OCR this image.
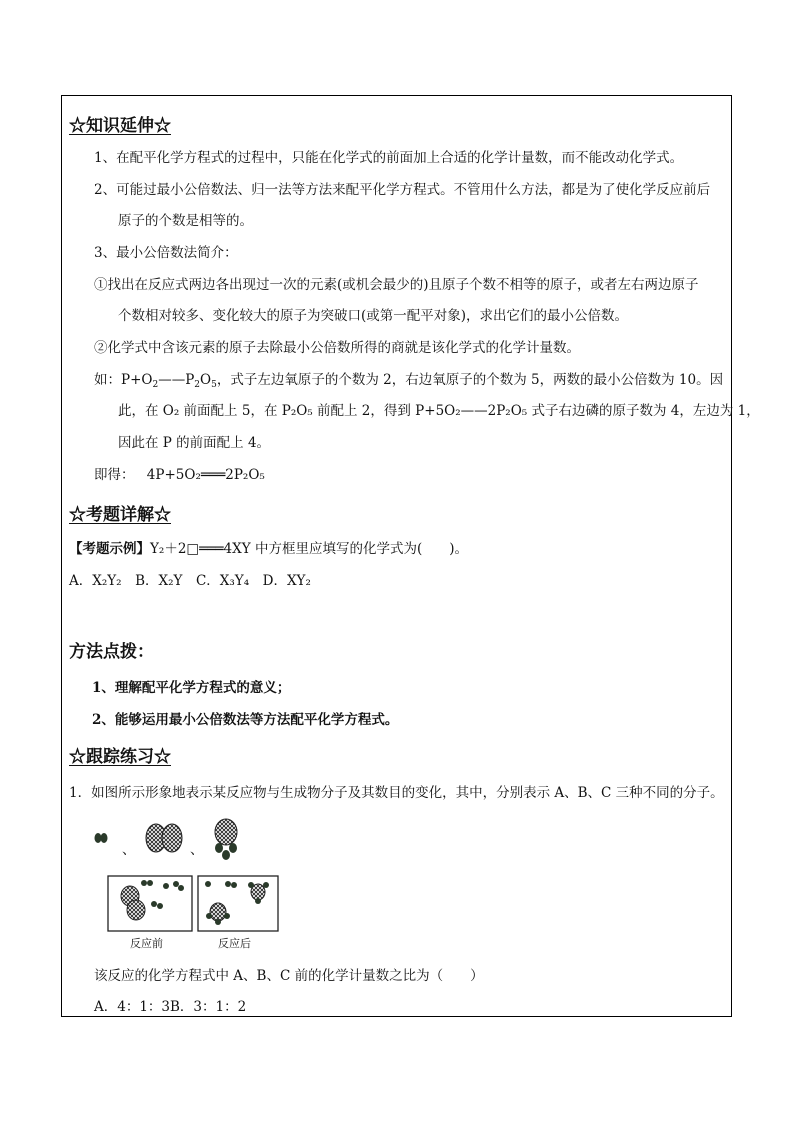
☆知识延伸☆
1、在配平化学方程式的过程中，只能在化学式的前面加上合适的化学计量数，而不能改动化学式。
2、可能过最小公倍数法、归一法等方法来配平化学方程式。不管用什么方法，都是为了使化学反应前后
原子的个数是相等的。
3、最小公倍数法简介：
①找出在反应式两边各出现过一次的元素(或机会最少的)且原子个数不相等的原子，或者左右两边原子
个数相对较多、变化较大的原子为突破口(或第一配平对象)，求出它们的最小公倍数。
②化学式中含该元素的原子去除最小公倍数所得的商就是该化学式的化学计量数。
如：$P+O_2——P_2O_5$，式子左边氧原子的个数为 2，右边氧原子的个数为 5，两数的最小公倍数为 10。因
此，在 O₂ 前面配上 5，在 P₂O₅ 前配上 2，得到 P+5O₂——2P₂O₅ 式子右边磷的原子数为 4，左边为 1，
因此在 P 的前面配上 4。
即得： 4P+5O₂═══2P₂O₅
☆考题详解☆
【考题示例】Y₂＋2□═══4XY 中方框里应填写的化学式为(　　)。
A．X₂Y₂　B．X₂Y　C．X₃Y₄　D．XY₂
方法点拨：
1、理解配平化学方程式的意义；
2、能够运用最小公倍数法等方法配平化学方程式。
☆跟踪练习☆
1．如图所示形象地表示某反应物与生成物分子及其数目的变化，其中，分别表示 A、B、C 三种不同的分子。
、	、
反应前	反应后
该反应的化学方程式中 A、B、C 前的化学计量数之比为（　　）
A．4：1：3B．3：1：2
